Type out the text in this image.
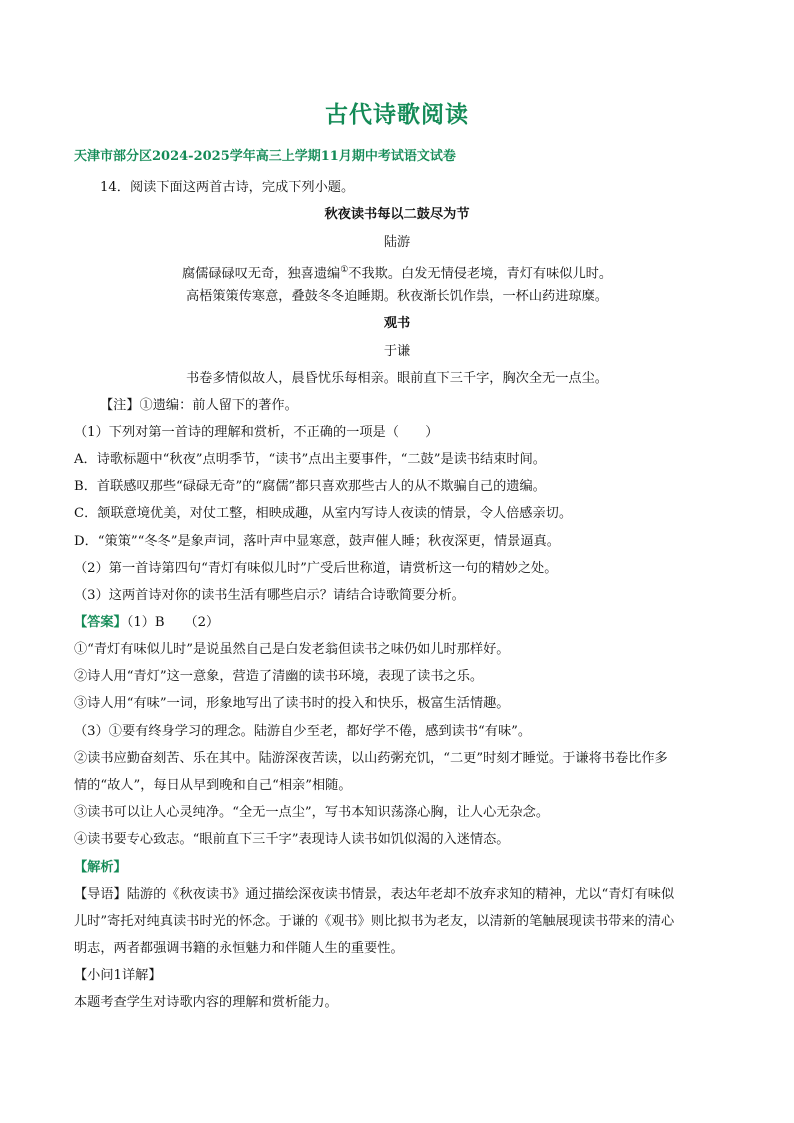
古代诗歌阅读
天津市部分区2024-2025学年高三上学期11月期中考试语文试卷
14．阅读下面这两首古诗，完成下列小题。
秋夜读书每以二鼓尽为节
陆游
腐儒碌碌叹无奇，独喜遗编①不我欺。白发无情侵老境，青灯有味似儿时。
高梧策策传寒意，叠鼓冬冬迫睡期。秋夜渐长饥作祟，一杯山药进琼糜。
观书
于谦
书卷多情似故人，晨昏忧乐每相亲。眼前直下三千字，胸次全无一点尘。
【注】①遗编：前人留下的著作。
（1）下列对第一首诗的理解和赏析，不正确的一项是（　　）
A．诗歌标题中“秋夜”点明季节，“读书”点出主要事件，“二鼓”是读书结束时间。
B．首联感叹那些“碌碌无奇”的“腐儒”都只喜欢那些古人的从不欺骗自己的遗编。
C．颔联意境优美，对仗工整，相映成趣，从室内写诗人夜读的情景，令人倍感亲切。
D．“策策”“冬冬”是象声词，落叶声中显寒意，鼓声催人睡；秋夜深更，情景逼真。
（2）第一首诗第四句“青灯有味似儿时”广受后世称道，请赏析这一句的精妙之处。
（3）这两首诗对你的读书生活有哪些启示？请结合诗歌简要分析。
【答案】（1）B　　（2）
①“青灯有味似儿时”是说虽然自己是白发老翁但读书之味仍如儿时那样好。
②诗人用“青灯”这一意象，营造了清幽的读书环境，表现了读书之乐。
③诗人用“有味”一词，形象地写出了读书时的投入和快乐，极富生活情趣。
（3）①要有终身学习的理念。陆游自少至老，都好学不倦，感到读书“有味”。
②读书应勤奋刻苦、乐在其中。陆游深夜苦读，以山药粥充饥，“二更”时刻才睡觉。于谦将书卷比作多
情的“故人”，每日从早到晚和自己“相亲”相随。
③读书可以让人心灵纯净。“全无一点尘”，写书本知识荡涤心胸，让人心无杂念。
④读书要专心致志。“眼前直下三千字”表现诗人读书如饥似渴的入迷情态。
【解析】
【导语】陆游的《秋夜读书》通过描绘深夜读书情景，表达年老却不放弃求知的精神，尤以“青灯有味似
儿时”寄托对纯真读书时光的怀念。于谦的《观书》则比拟书为老友，以清新的笔触展现读书带来的清心
明志，两者都强调书籍的永恒魅力和伴随人生的重要性。
【小问1详解】
本题考查学生对诗歌内容的理解和赏析能力。
